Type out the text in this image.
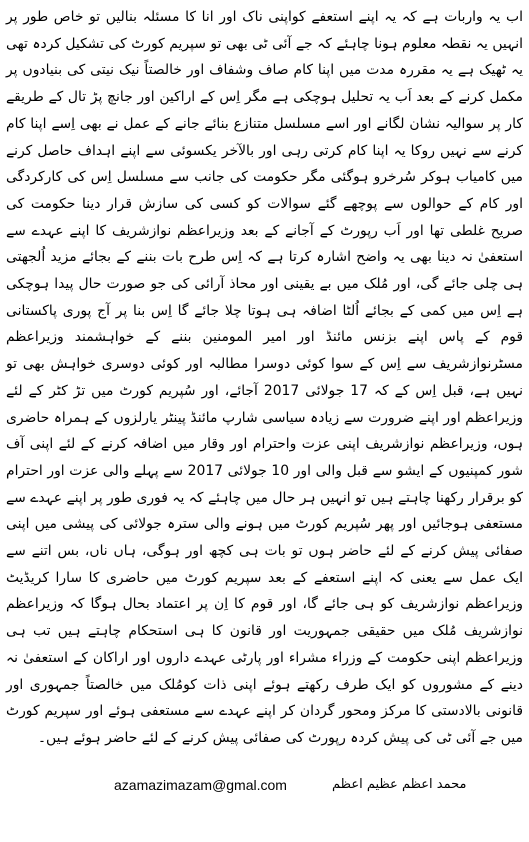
اب یہ واربات ہے کہ یہ اپنے استعفے کواپنی ناک اور انا کا مسئلہ بنالیں تو خاص طور پر انہیں یہ نقطہ معلوم ہونا چاہئے کہ جے آئی ٹی بھی تو سپریم کورٹ کی تشکیل کردہ تھی یہ ٹھیک ہے یہ مقررہ مدت میں اپنا کام صاف وشفاف اور خالصتاً نیک نیتی کی بنیادوں پر مکمل کرنے کے بعد اَب یہ تحلیل ہوچکی ہے مگر اِس کے اراکین اور جانچ پڑ تال کے طریقے کار پر سوالیہ نشان لگانے اور اسے مسلسل متنازع بنائے جانے کے عمل نے بھی اِسے اپنا کام کرنے سے نہیں روکا یہ اپنا کام کرتی رہی اور بالآخر یکسوئی سے اپنے اہداف حاصل کرنے میں کامیاب ہوکر سُرخرو ہوگئی مگر حکومت کی جانب سے مسلسل اِس کی کارکردگی اور کام کے حوالوں سے پوچھے گئے سوالات کو کسی کی سازش قرار دینا حکومت کی صریح غلطی تھا اور اَب رپورٹ کے آجانے کے بعد وزیراعظم نوازشریف کا اپنے عہدے سے استعفیٰ نہ دینا بھی یہ واضح اشارہ کرتا ہے کہ اِس طرح بات بننے کے بجائے مزید اُلجھتی ہی چلی جائے گی، اور مُلک میں بے یقینی اور محاذ آرائی کی جو صورت حال پیدا ہوچکی ہے اِس میں کمی کے بجائے اُلٹا اضافہ ہی ہوتا چلا جائے گا اِس بنا پر آج پوری پاکستانی قوم کے پاس اپنے بزنس مائنڈ اور امیر المومنین بننے کے خواہشمند وزیراعظم مسٹرنوازشریف سے اِس کے سوا کوئی دوسرا مطالبہ اور کوئی دوسری خواہش بھی تو نہیں ہے، قبل اِس کے کہ 17 جولائی 2017 آجائے، اور سُپریم کورٹ میں تڑ کٹر کے لئے وزیراعظم اور اپنے ضرورت سے زیادہ سیاسی شارپ مائنڈ پینٹر یارلزوں کے ہمراہ حاضری ہوں، وزیراعظم نوازشریف اپنی عزت واحترام اور وقار میں اضافہ کرنے کے لئے اپنی آف شور کمپنیوں کے ایشو سے قبل والی اور 10 جولائی 2017 سے پہلے والی عزت اور احترام کو برقرار رکھنا چاہتے ہیں تو انہیں ہر حال میں چاہئے کہ یہ فوری طور پر اپنے عہدے سے مستعفی ہوجائیں اور پھر سُپریم کورٹ میں ہونے والی سترہ جولائی کی پیشی میں اپنی صفائی پیش کرنے کے لئے حاضر ہوں تو بات ہی کچھ اور ہوگی، ہاں ناں، بس اتنے سے ایک عمل سے یعنی کہ اپنے استعفے کے بعد سپریم کورٹ میں حاضری کا سارا کریڈیٹ وزیراعظم نوازشریف کو ہی جائے گا، اور قوم کا اِن پر اعتماد بحال ہوگا کہ وزیراعظم نوازشریف مُلک میں حقیقی جمہوریت اور قانون کا ہی استحکام چاہتے ہیں تب ہی وزیراعظم اپنی حکومت کے وزراء مشراء اور پارٹی عہدے داروں اور اراکان کے استعفیٰ نہ دینے کے مشوروں کو ایک طرف رکھتے ہوئے اپنی ذات کومُلک میں خالصتاً جمہوری اور قانونی بالادستی کا مرکز ومحور گردان کر اپنے عہدے سے مستعفی ہوئے اور سپریم کورٹ میں جے آئی ٹی کی پیش کردہ رپورٹ کی صفائی پیش کرنے کے لئے حاضر ہوئے ہیں۔

azamazimazam@gmal.com	محمد اعظم عظیم اعظم
